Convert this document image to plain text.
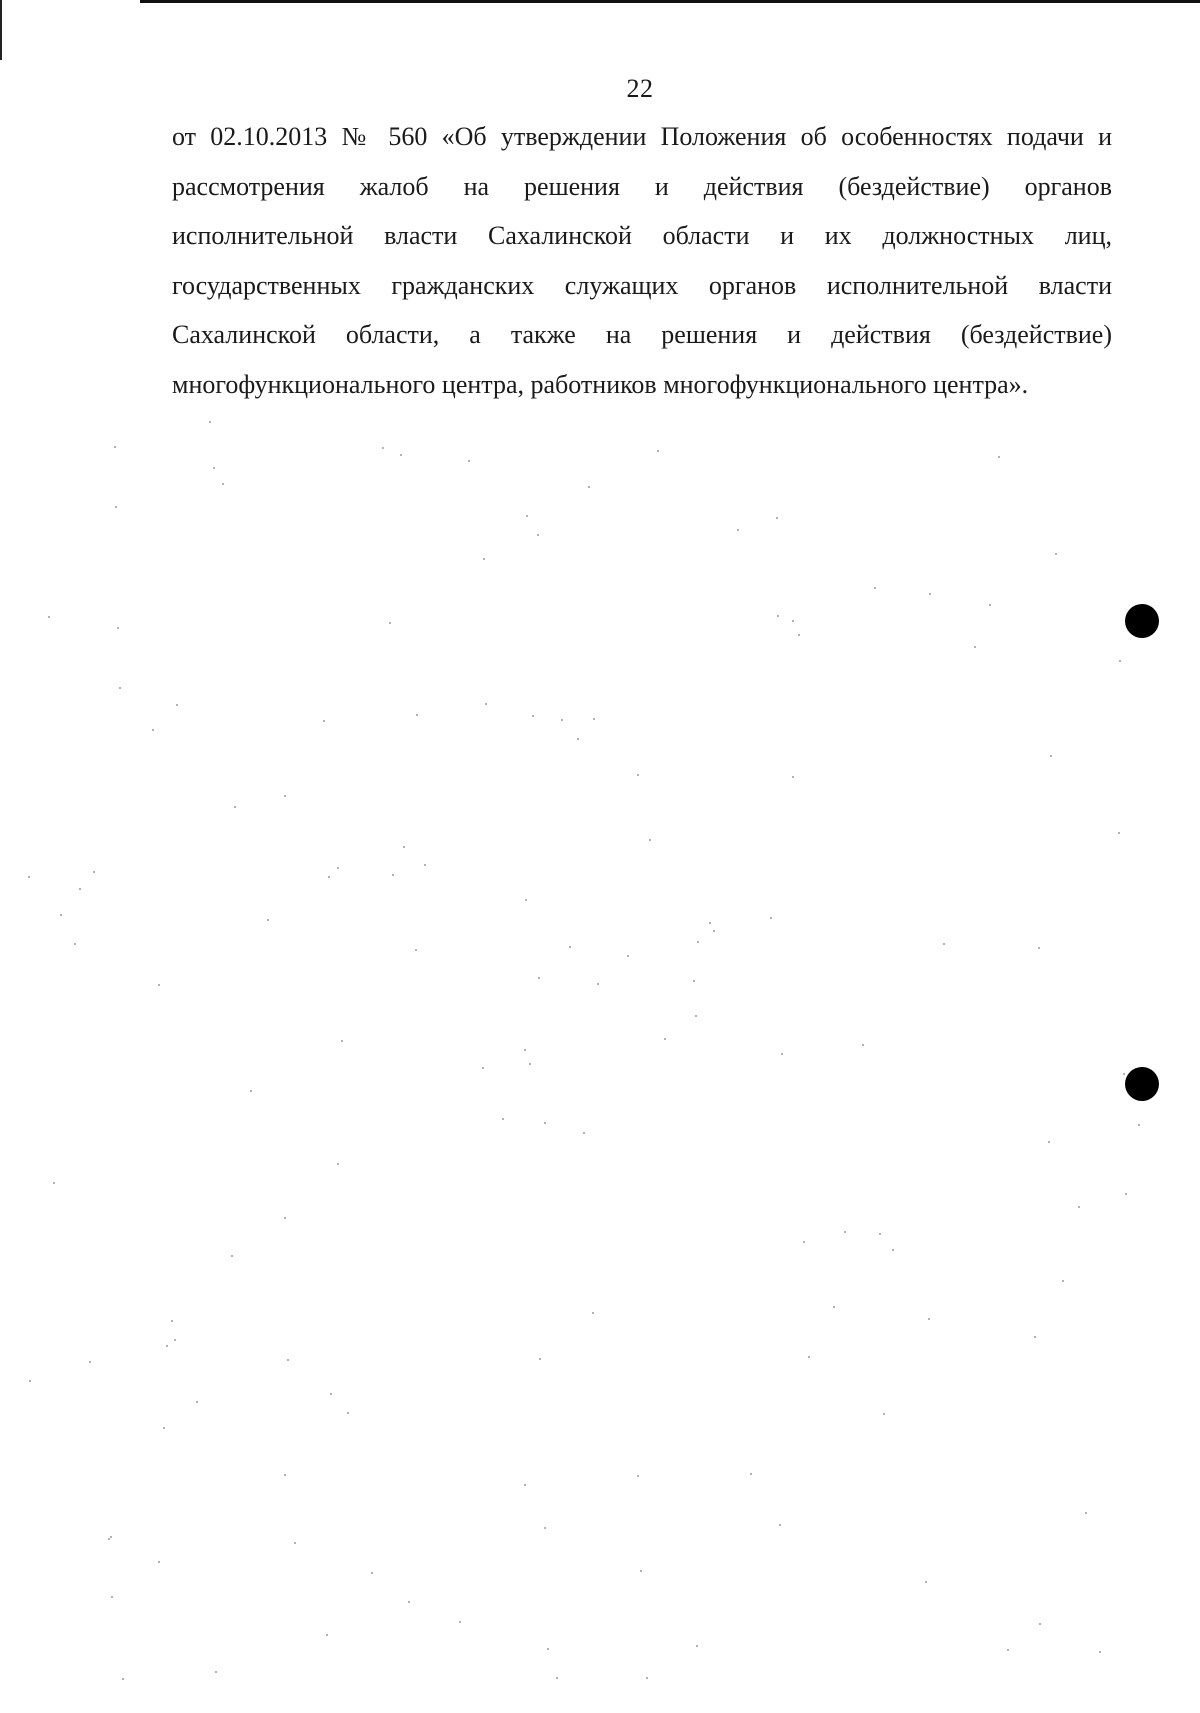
22

от 02.10.2013 № 560 «Об утверждении Положения об особенностях подачи и
рассмотрения жалоб на решения и действия (бездействие) органов
исполнительной власти Сахалинской области и их должностных лиц,
государственных гражданских служащих органов исполнительной власти
Сахалинской области, а также на решения и действия (бездействие)
многофункционального центра, работников многофункционального центра».
